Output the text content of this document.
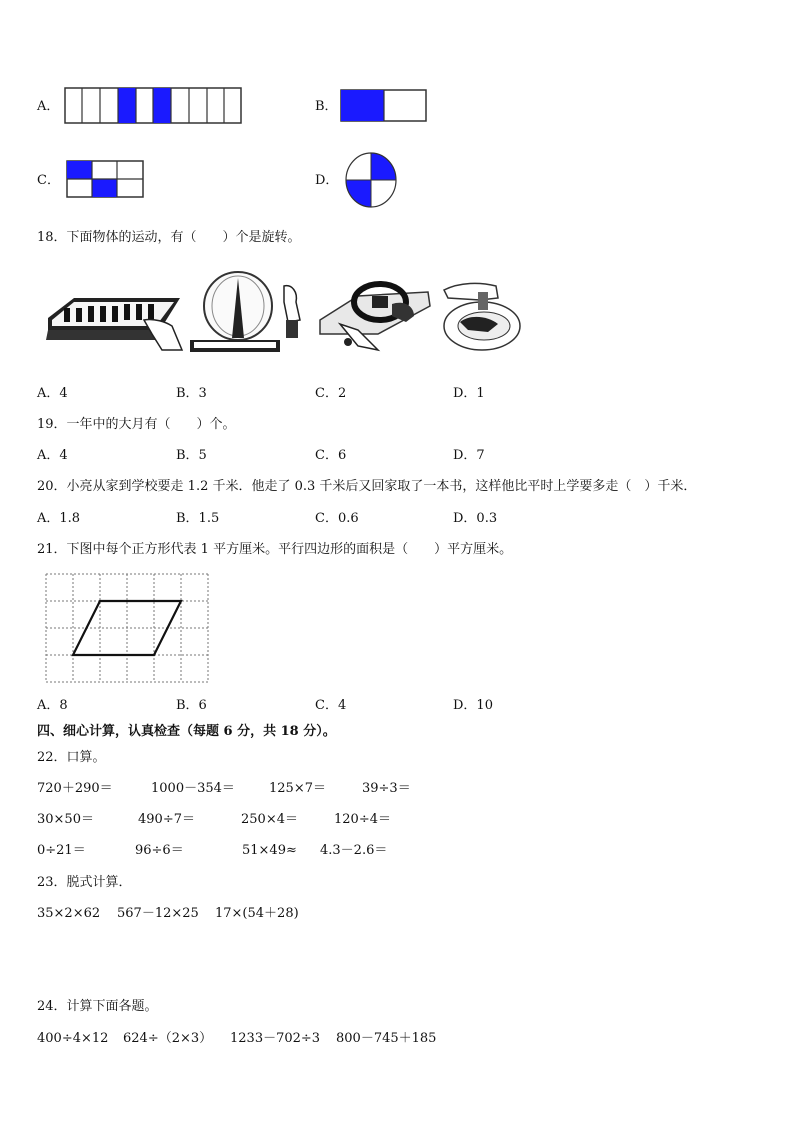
A．	B．
C．	D．
18．下面物体的运动，有（　　）个是旋转。
A．4	B．3	C．2	D．1
19．一年中的大月有（　　）个。
A．4	B．5	C．6	D．7
20．小亮从家到学校要走 1.2 千米．他走了 0.3 千米后又回家取了一本书，这样他比平时上学要多走（　）千米．
A．1.8	B．1.5	C．0.6	D．0.3
21．下图中每个正方形代表 1 平方厘米。平行四边形的面积是（　　）平方厘米。
A．8	B．6	C．4	D．10
四、细心计算，认真检查（每题 6 分，共 18 分）。
22．口算。
720＋290＝	1000－354＝	125×7＝	39÷3＝
30×50＝	490÷7＝	250×4＝	120÷4＝
0÷21＝	96÷6＝	51×49≈ 4.3－2.6＝
23．脱式计算．
35×2×62 567－12×25 17×(54＋28)
24．计算下面各题。
400÷4×12 624÷（2×3） 1233－702÷3 800－745＋185
